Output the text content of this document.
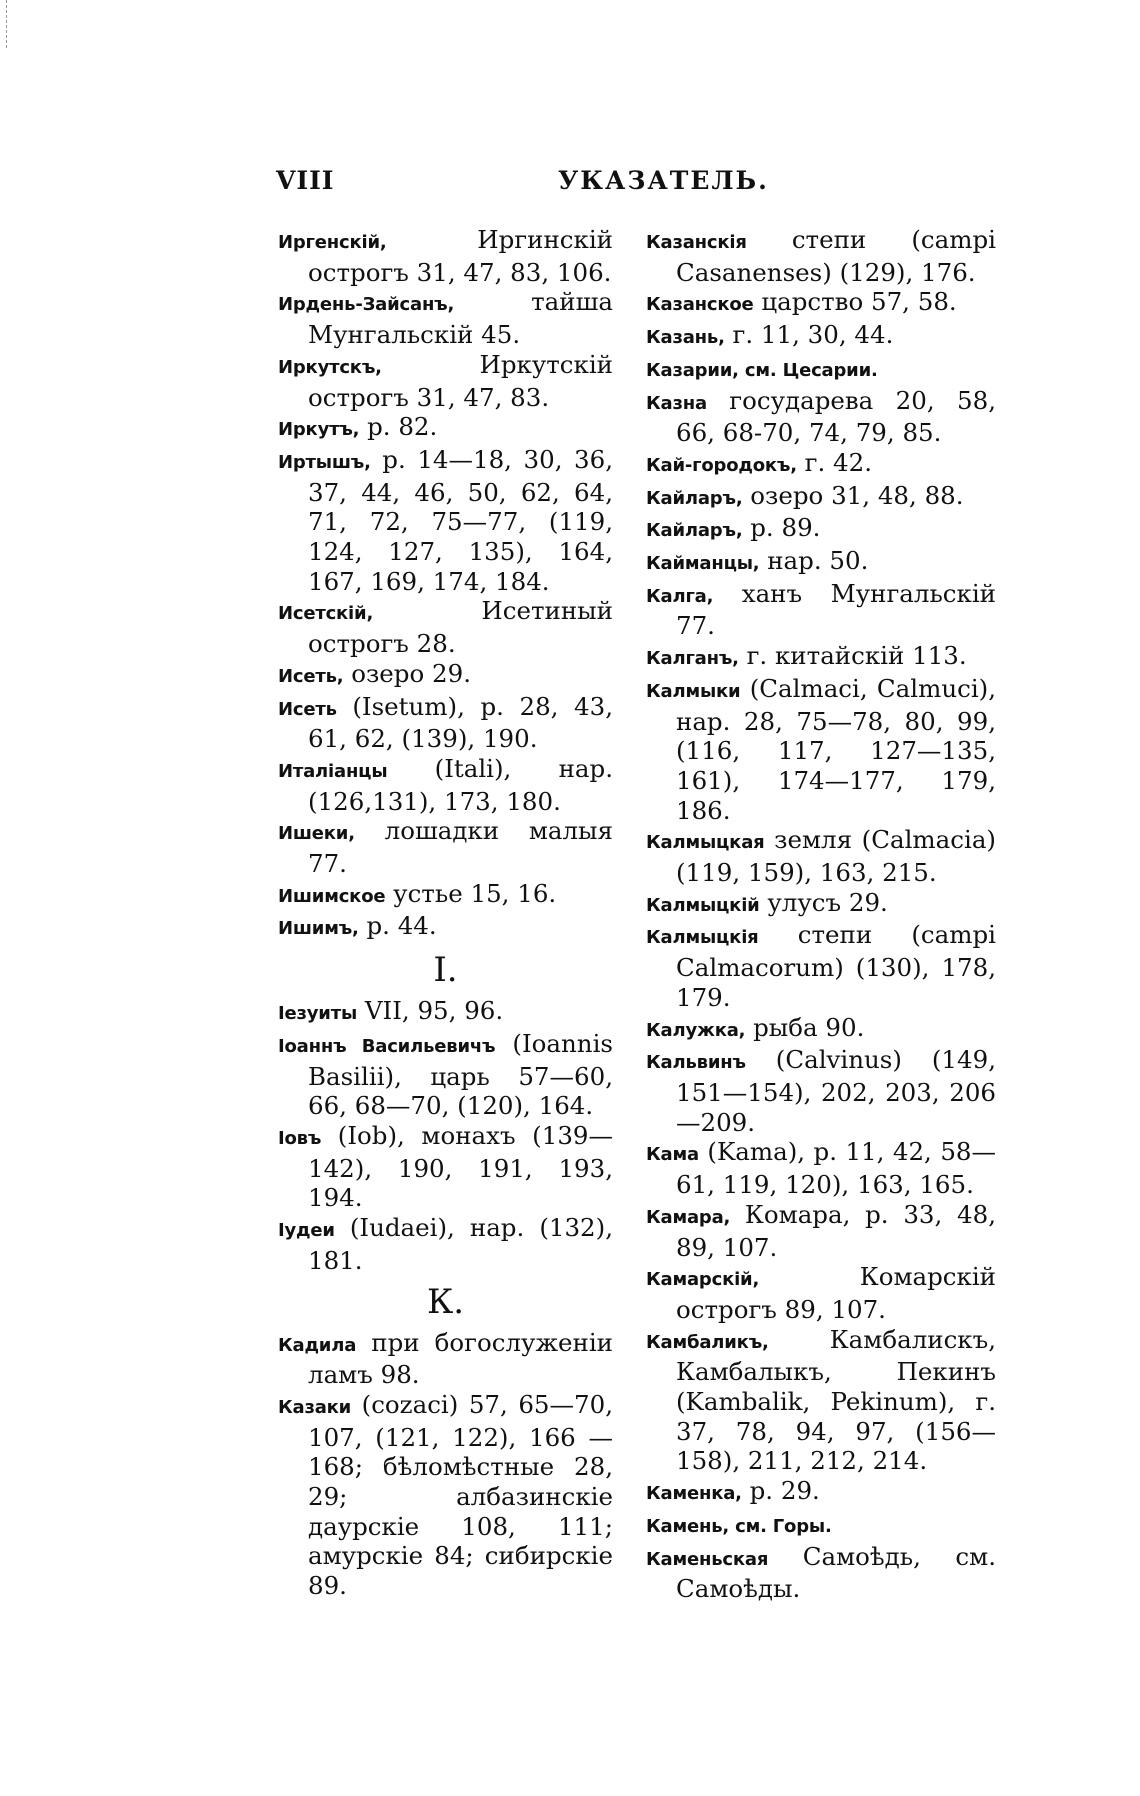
VIII	УКАЗАТЕЛЬ.

Иргенскій, Иргинскій острогъ 31, 47, 83, 106.

Ирдень-Зайсанъ, тайша Мунгальскій 45.

Иркутскъ, Иркутскій острогъ 31, 47, 83.

Иркутъ, р. 82.

Иртышъ, р. 14—18, 30, 36, 37, 44, 46, 50, 62, 64, 71, 72, 75—77, (119, 124, 127, 135), 164, 167, 169, 174, 184.

Исетскій, Исетиный острогъ 28.

Исеть, озеро 29.

Исеть (Isetum), р. 28, 43, 61, 62, (139), 190.

Италіанцы (Itali), нар. (126,131), 173, 180.

Ишеки, лошадки малыя 77.

Ишимское устье 15, 16.

Ишимъ, р. 44.

I.

Iезуиты VII, 95, 96.

Iоаннъ Васильевичъ (Ioannis Basilii), царь 57—60, 66, 68—70, (120), 164.

Iовъ (Iob), монахъ (139—142), 190, 191, 193, 194.

Iудеи (Iudaei), нар. (132), 181.

К.

Кадила при богослуженіи ламъ 98.

Казаки (cozaci) 57, 65—70, 107, (121, 122), 166 — 168; бѣломѣстные 28, 29; албазинскіе даурскіе 108, 111; амурскіе 84; сибирскіе 89.

Казанскія степи (campi Casanenses) (129), 176.

Казанское царство 57, 58.

Казань, г. 11, 30, 44.

Казарии, см. Цесарии.

Казна государева 20, 58, 66, 68-70, 74, 79, 85.

Кай-городокъ, г. 42.

Кайларъ, озеро 31, 48, 88.

Кайларъ, р. 89.

Кайманцы, нар. 50.

Калга, ханъ Мунгальскій 77.

Калганъ, г. китайскій 113.

Калмыки (Calmaci, Calmuci), нар. 28, 75—78, 80, 99, (116, 117, 127—135, 161), 174—177, 179, 186.

Калмыцкая земля (Calmacia) (119, 159), 163, 215.

Калмыцкій улусъ 29.

Калмыцкія степи (campi Calmacorum) (130), 178, 179.

Калужка, рыба 90.

Кальвинъ (Calvinus) (149, 151—154), 202, 203, 206—209.

Кама (Kama), р. 11, 42, 58—61, 119, 120), 163, 165.

Камара, Комара, р. 33, 48, 89, 107.

Камарскій, Комарскій острогъ 89, 107.

Камбаликъ, Камбалискъ, Камбалыкъ, Пекинъ (Kambalik, Pekinum), г. 37, 78, 94, 97, (156—158), 211, 212, 214.

Каменка, р. 29.

Камень, см. Горы.

Каменьская Самоѣдь, см. Самоѣды.
